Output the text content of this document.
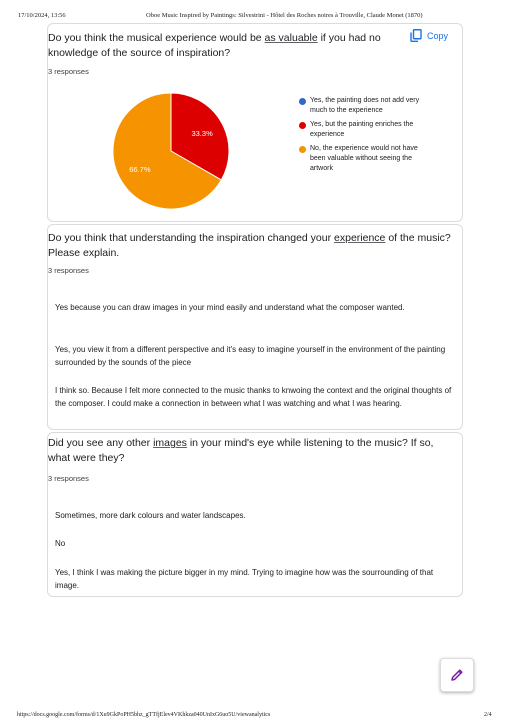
17/10/2024, 13:56	Oboe Music Inspired by Paintings: Silvestrini - Hôtel des Roches noires à Trouville, Claude Monet (1870)
Do you think the musical experience would be as valuable if you had no knowledge of the source of inspiration?
Copy
3 responses
33.3%
66.7%
Yes, the painting does not add very much to the experience
Yes, but the painting enriches the experience
No, the experience would not have been valuable without seeing the artwork
Do you think that understanding the inspiration changed your experience of the music? Please explain.
3 responses
Yes because you can draw images in your mind easily and understand what the composer wanted.
Yes, you view it from a different perspective and it's easy to imagine yourself in the environment of the painting surrounded by the sounds of the piece
I think so. Because I felt more connected to the music thanks to knwoing the context and the original thoughts of the composer. I could make a connection in between what I was watching and what I was hearing.
Did you see any other images in your mind's eye while listening to the music? If so, what were they?
3 responses
Sometimes, more dark colours and water landscapes.
No
Yes, I think I was making the picture bigger in my mind. Trying to imagine how was the sourrounding of that image.
https://docs.google.com/forms/d/1Xu9GkPoPH5bhz_gTTfjElev4VKhkza040UnIxG6uo5U/viewanalytics	2/4
